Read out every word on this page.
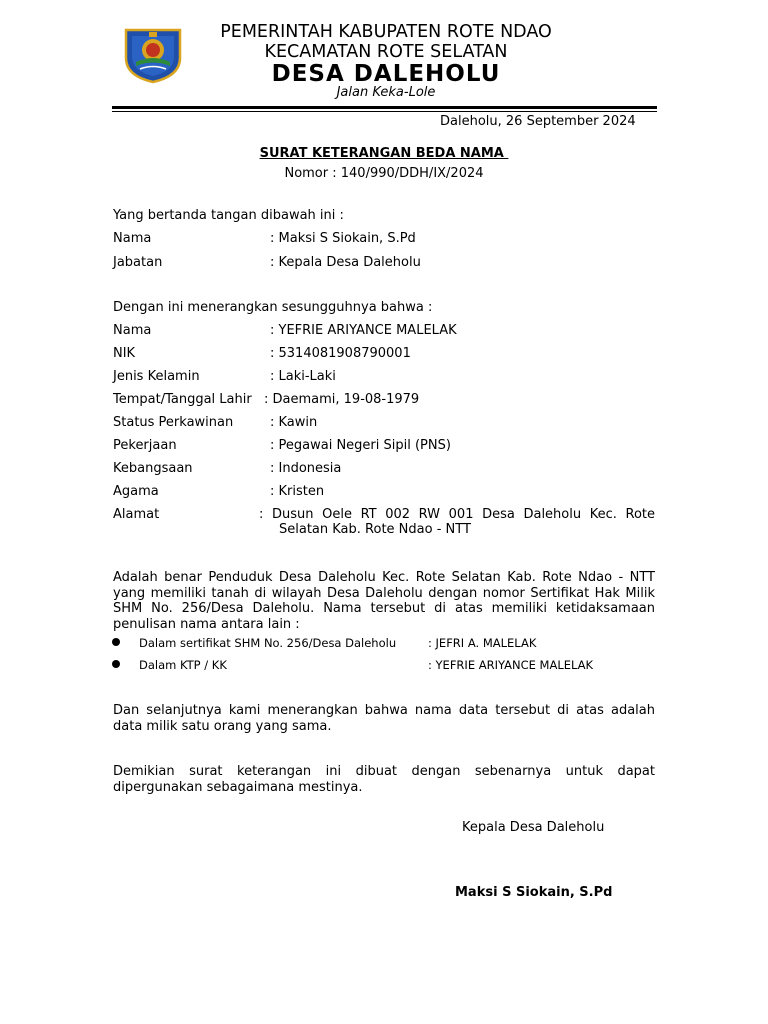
PEMERINTAH KABUPATEN ROTE NDAO
KECAMATAN ROTE SELATAN
DESA DALEHOLU
Jalan Keka-Lole
Daleholu, 26 September 2024
SURAT KETERANGAN BEDA NAMA
Nomor : 140/990/DDH/IX/2024
Yang bertanda tangan dibawah ini :
Nama	: Maksi S Siokain, S.Pd
Jabatan	: Kepala Desa Daleholu
Dengan ini menerangkan sesungguhnya bahwa :
Nama	: YEFRIE ARIYANCE MALELAK
NIK	: 5314081908790001
Jenis Kelamin	: Laki-Laki
Tempat/Tanggal Lahir : Daemami, 19-08-1979
Status Perkawinan	: Kawin
Pekerjaan	: Pegawai Negeri Sipil (PNS)
Kebangsaan	: Indonesia
Agama	: Kristen
Alamat	: Dusun Oele RT 002 RW 001 Desa Daleholu Kec. Rote
Selatan Kab. Rote Ndao - NTT
Adalah benar Penduduk Desa Daleholu Kec. Rote Selatan Kab. Rote Ndao - NTT yang memiliki tanah di wilayah Desa Daleholu dengan nomor Sertifikat Hak Milik SHM No. 256/Desa Daleholu. Nama tersebut di atas memiliki ketidaksamaan penulisan nama antara lain :
Dalam sertifikat SHM No. 256/Desa Daleholu	: JEFRI A. MALELAK
Dalam KTP / KK	: YEFRIE ARIYANCE MALELAK
Dan selanjutnya kami menerangkan bahwa nama data tersebut di atas adalah data milik satu orang yang sama.
Demikian surat keterangan ini dibuat dengan sebenarnya untuk dapat dipergunakan sebagaimana mestinya.
Kepala Desa Daleholu
Maksi S Siokain, S.Pd
